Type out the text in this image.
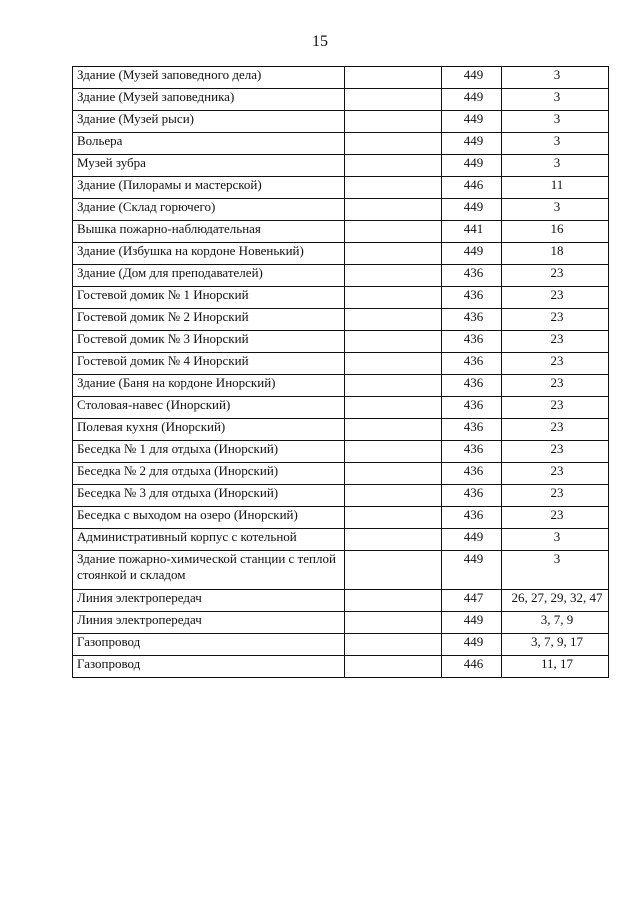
15
Здание (Музей заповедного дела)		449	3
Здание (Музей заповедника)		449	3
Здание (Музей рыси)		449	3
Вольера		449	3
Музей зубра		449	3
Здание (Пилорамы и мастерской)		446	11
Здание (Склад горючего)		449	3
Вышка пожарно-наблюдательная		441	16
Здание (Избушка на кордоне Новенький)		449	18
Здание (Дом для преподавателей)		436	23
Гостевой домик № 1 Инорский		436	23
Гостевой домик № 2 Инорский		436	23
Гостевой домик № 3 Инорский		436	23
Гостевой домик № 4 Инорский		436	23
Здание (Баня на кордоне Инорский)		436	23
Столовая-навес (Инорский)		436	23
Полевая кухня (Инорский)		436	23
Беседка № 1 для отдыха (Инорский)		436	23
Беседка № 2 для отдыха (Инорский)		436	23
Беседка № 3 для отдыха (Инорский)		436	23
Беседка с выходом на озеро (Инорский)		436	23
Административный корпус с котельной		449	3
Здание пожарно-химической станции с теплой стоянкой и складом		449	3
Линия электропередач		447	26, 27, 29, 32, 47
Линия электропередач		449	3, 7, 9
Газопровод		449	3, 7, 9, 17
Газопровод		446	11, 17
